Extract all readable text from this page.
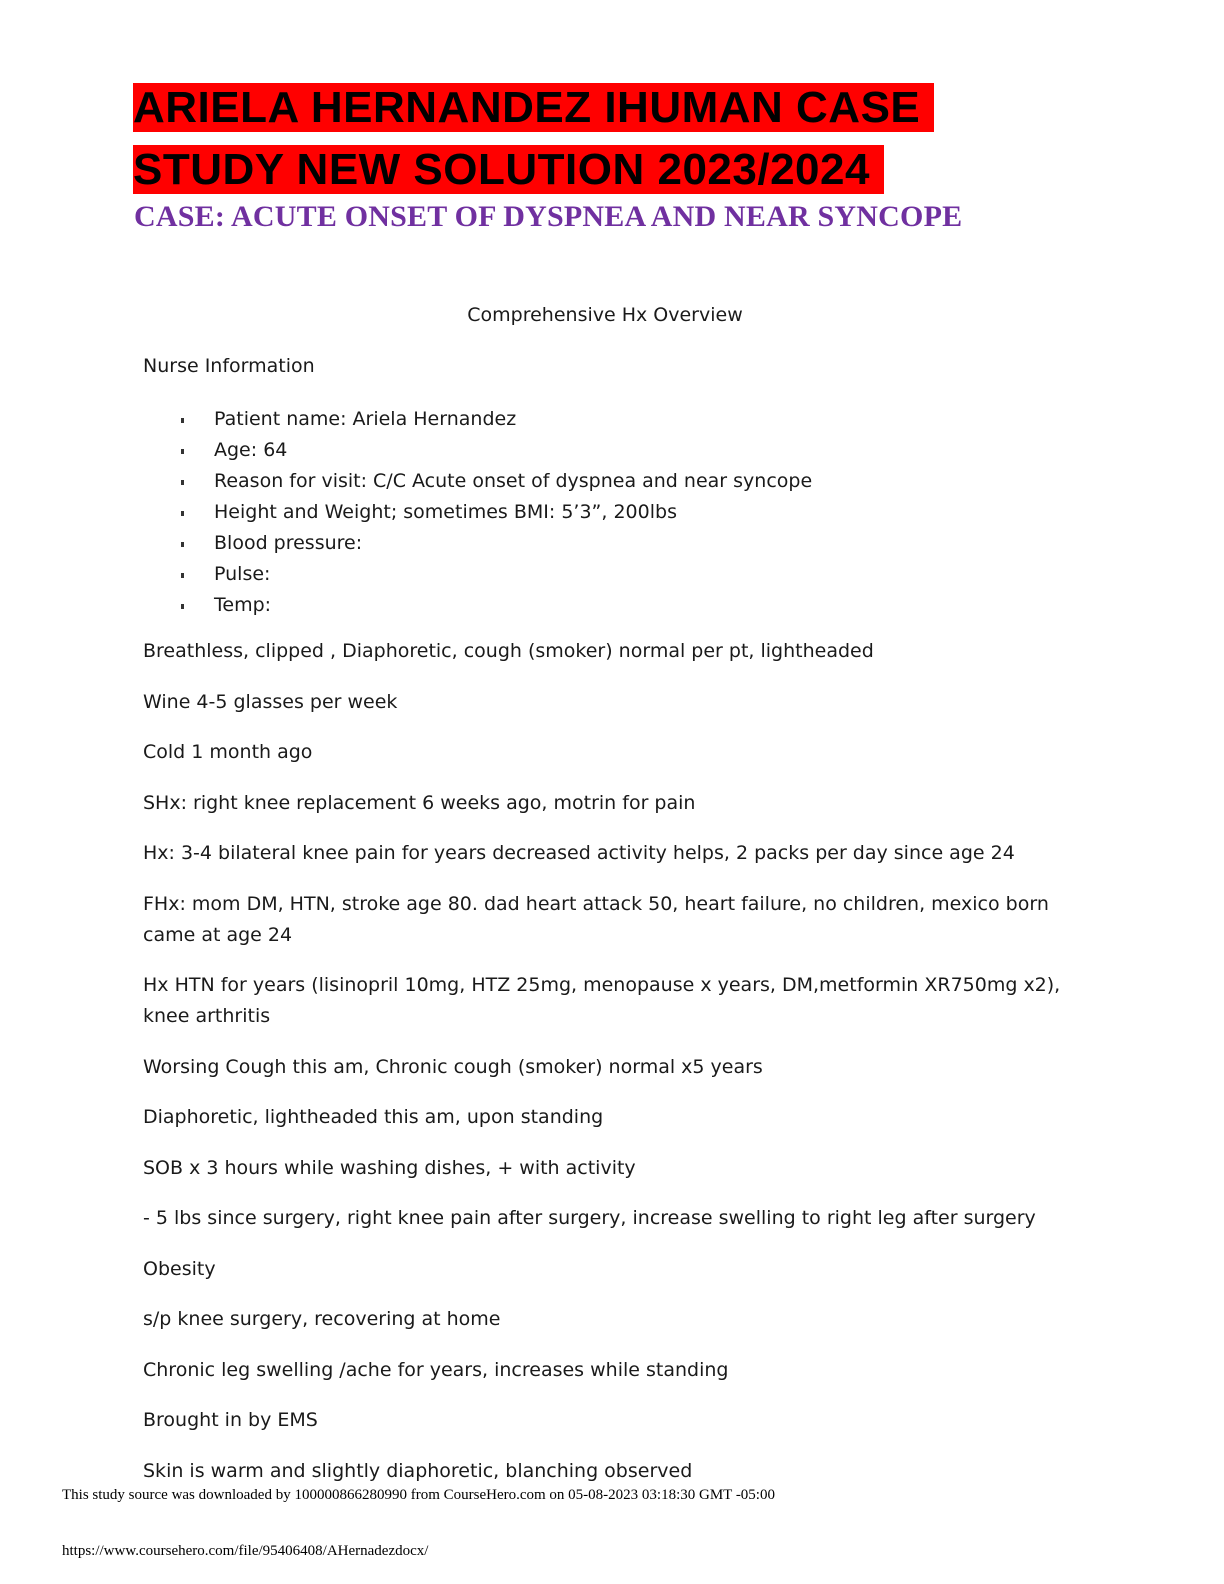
ARIELA HERNANDEZ IHUMAN CASE
STUDY NEW SOLUTION 2023/2024
CASE: ACUTE ONSET OF DYSPNEA AND NEAR SYNCOPE
Comprehensive Hx Overview
Nurse Information
Patient name: Ariela Hernandez
Age: 64
Reason for visit: C/C Acute onset of dyspnea and near syncope
Height and Weight; sometimes BMI: 5’3”, 200lbs
Blood pressure:
Pulse:
Temp:

Breathless, clipped , Diaphoretic, cough (smoker) normal per pt, lightheaded

Wine 4-5 glasses per week

Cold 1 month ago

SHx: right knee replacement 6 weeks ago, motrin for pain

Hx: 3-4 bilateral knee pain for years decreased activity helps, 2 packs per day since age 24

FHx: mom DM, HTN, stroke age 80. dad heart attack 50, heart failure, no children, mexico born came at age 24

Hx HTN for years (lisinopril 10mg, HTZ 25mg, menopause x years, DM,metformin XR750mg x2), knee arthritis

Worsing Cough this am, Chronic cough (smoker) normal x5 years

Diaphoretic, lightheaded this am, upon standing

SOB x 3 hours while washing dishes, + with activity

- 5 lbs since surgery, right knee pain after surgery, increase swelling to right leg after surgery

Obesity

s/p knee surgery, recovering at home

Chronic leg swelling /ache for years, increases while standing

Brought in by EMS

Skin is warm and slightly diaphoretic, blanching observed

This study source was downloaded by 100000866280990 from CourseHero.com on 05-08-2023 03:18:30 GMT -05:00
https://www.coursehero.com/file/95406408/AHernadezdocx/
